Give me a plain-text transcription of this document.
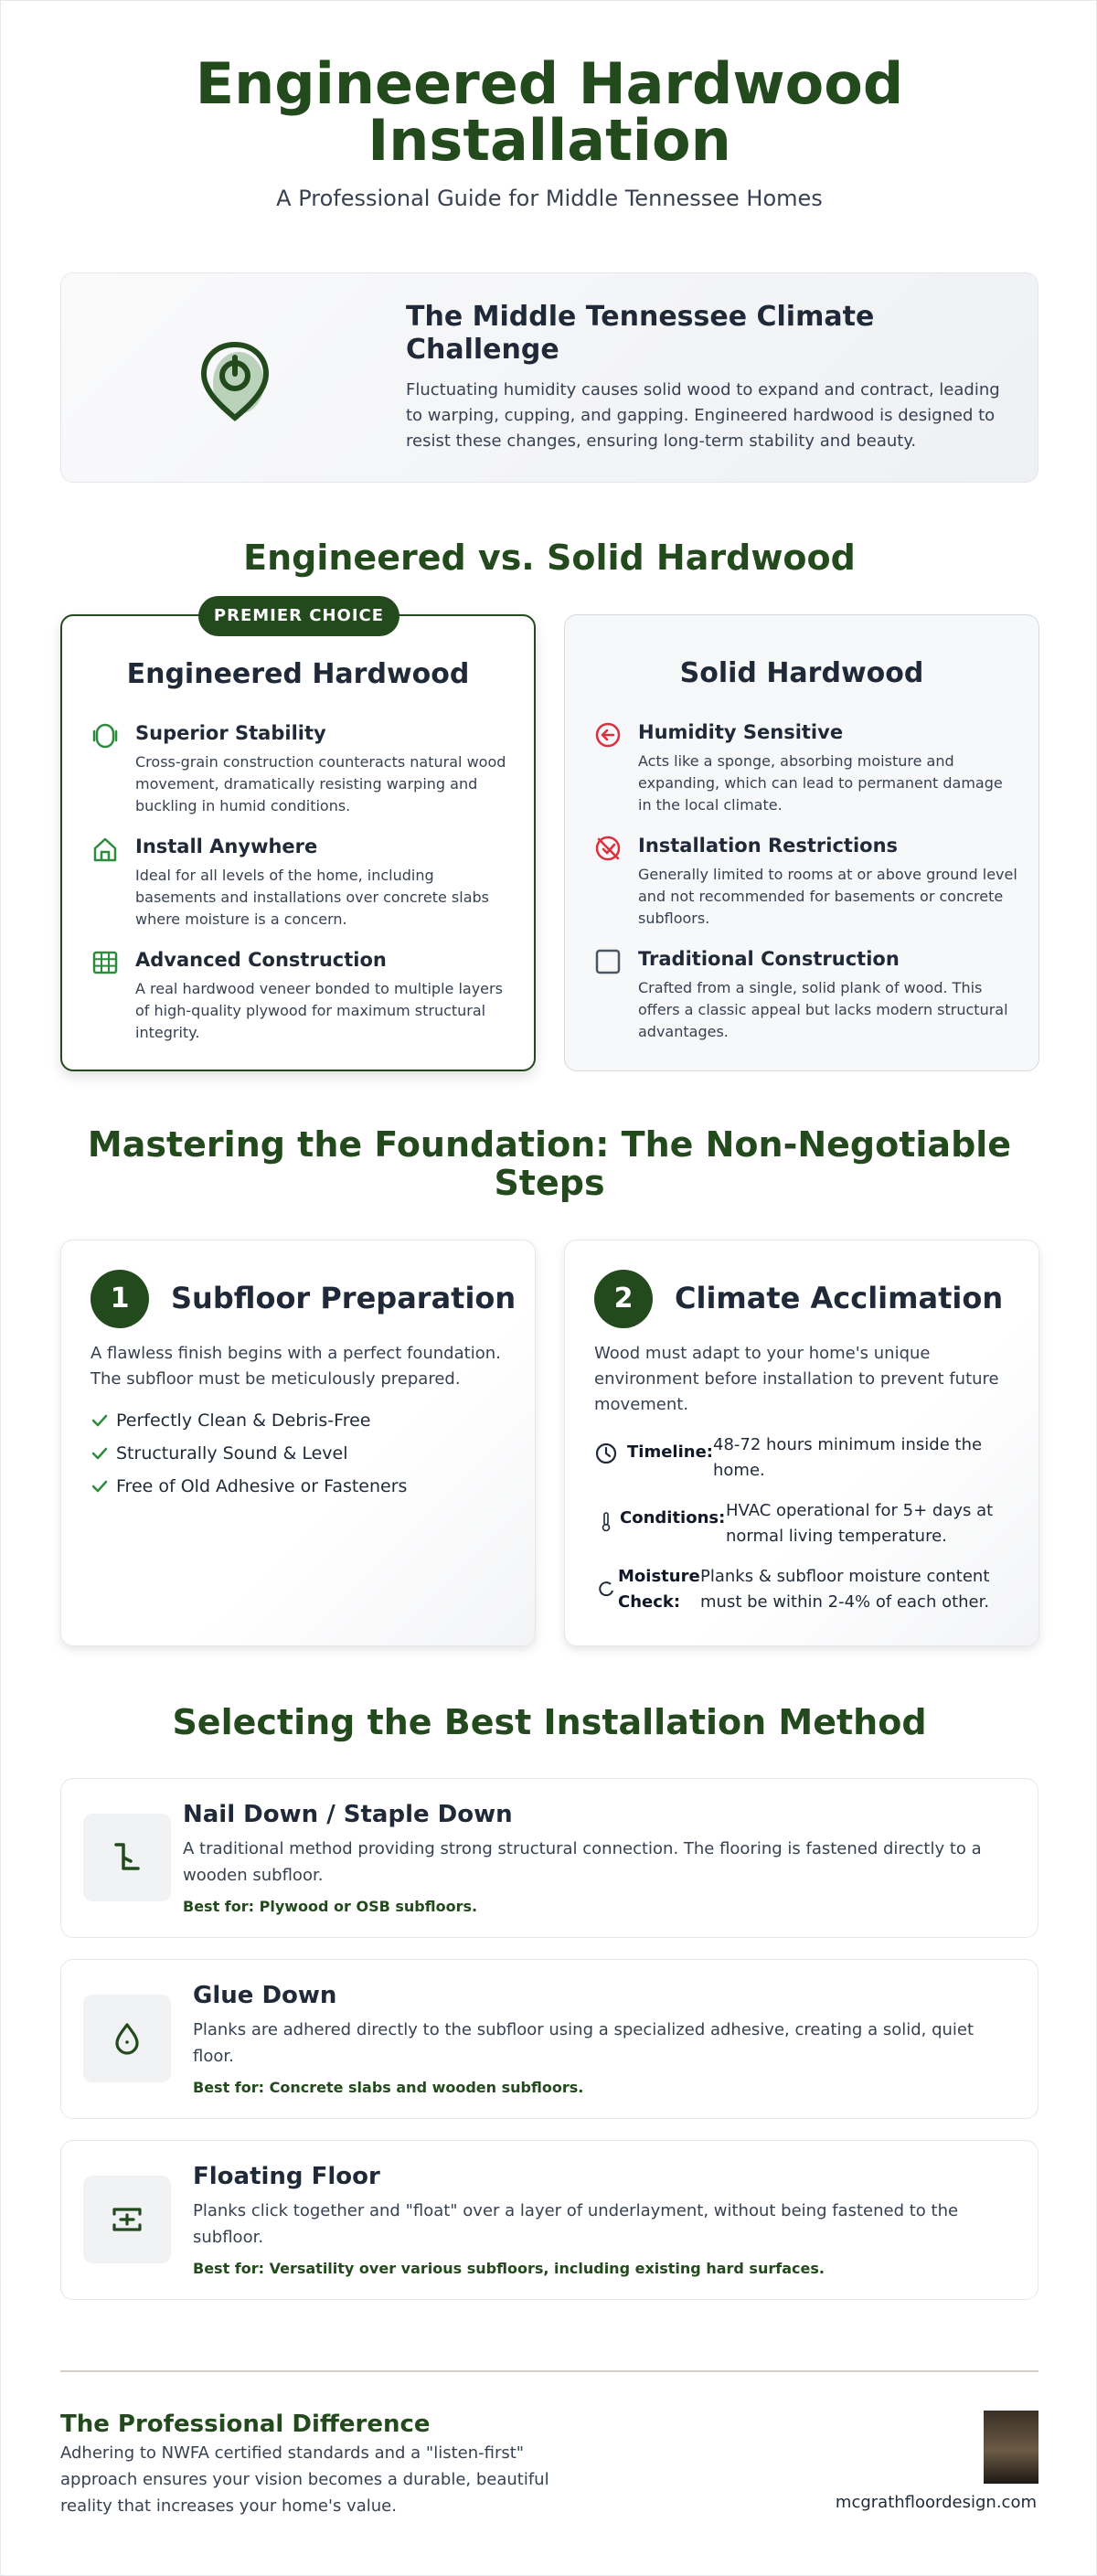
Engineered Hardwood
Installation
A Professional Guide for Middle Tennessee Homes
The Middle Tennessee Climate Challenge
Fluctuating humidity causes solid wood to expand and contract, leading to warping, cupping, and gapping. Engineered hardwood is designed to resist these changes, ensuring long-term stability and beauty.
Engineered vs. Solid Hardwood
PREMIER CHOICE
Engineered Hardwood
Superior Stability
Cross-grain construction counteracts natural wood movement, dramatically resisting warping and buckling in humid conditions.
Install Anywhere
Ideal for all levels of the home, including basements and installations over concrete slabs where moisture is a concern.
Advanced Construction
A real hardwood veneer bonded to multiple layers of high-quality plywood for maximum structural integrity.
Solid Hardwood
Humidity Sensitive
Acts like a sponge, absorbing moisture and expanding, which can lead to permanent damage in the local climate.
Installation Restrictions
Generally limited to rooms at or above ground level and not recommended for basements or concrete subfloors.
Traditional Construction
Crafted from a single, solid plank of wood. This offers a classic appeal but lacks modern structural advantages.
Mastering the Foundation: The Non-Negotiable
Steps
1	Subfloor Preparation
A flawless finish begins with a perfect foundation. The subfloor must be meticulously prepared.
Perfectly Clean & Debris-Free
Structurally Sound & Level
Free of Old Adhesive or Fasteners
2	Climate Acclimation
Wood must adapt to your home's unique environment before installation to prevent future movement.
Timeline: 48-72 hours minimum inside the home.
Conditions: HVAC operational for 5+ days at normal living temperature.
Moisture
Check:
Planks & subfloor moisture content must be within 2-4% of each other.
Selecting the Best Installation Method
Nail Down / Staple Down
A traditional method providing strong structural connection. The flooring is fastened directly to a wooden subfloor.
Best for: Plywood or OSB subfloors.
Glue Down
Planks are adhered directly to the subfloor using a specialized adhesive, creating a solid, quiet floor.
Best for: Concrete slabs and wooden subfloors.
Floating Floor
Planks click together and "float" over a layer of underlayment, without being fastened to the subfloor.
Best for: Versatility over various subfloors, including existing hard surfaces.
The Professional Difference
Adhering to NWFA certified standards and a "listen-first" approach ensures your vision becomes a durable, beautiful reality that increases your home's value.	mcgrathfloordesign.com
